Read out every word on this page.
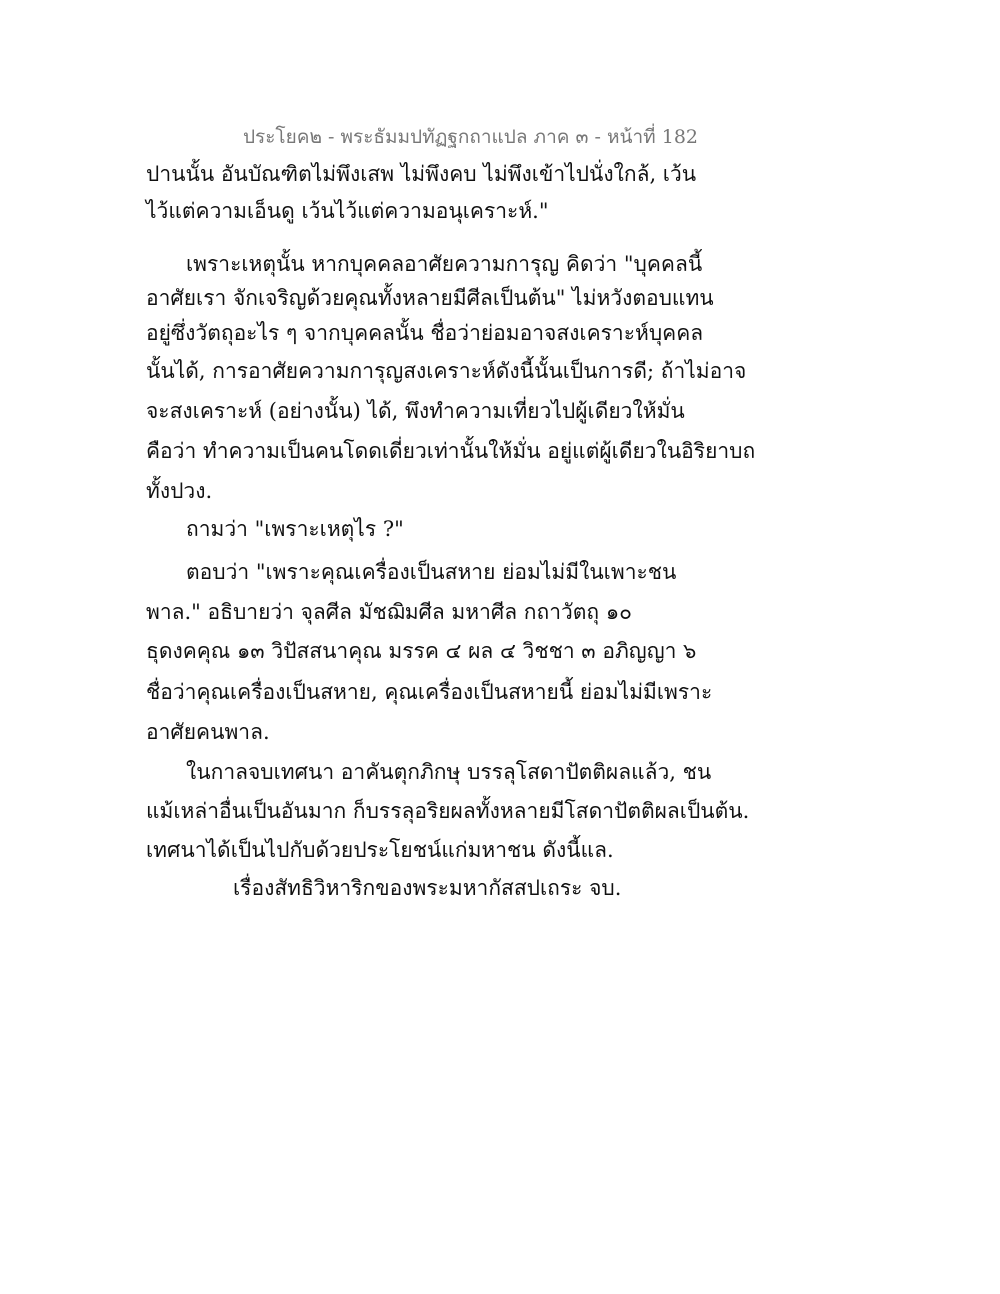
ประโยค๒ - พระธัมมปทัฏฐกถาแปล ภาค ๓ - หน้าที่ 182
ปานนั้น อันบัณฑิตไม่พึงเสพ ไม่พึงคบ ไม่พึงเข้าไปนั่งใกล้, เว้น
ไว้แต่ความเอ็นดู เว้นไว้แต่ความอนุเคราะห์."
เพราะเหตุนั้น หากบุคคลอาศัยความการุญ คิดว่า "บุคคลนี้
อาศัยเรา จักเจริญด้วยคุณทั้งหลายมีศีลเป็นต้น" ไม่หวังตอบแทน
อยู่ซึ่งวัตถุอะไร ๆ จากบุคคลนั้น ชื่อว่าย่อมอาจสงเคราะห์บุคคล
นั้นได้, การอาศัยความการุญสงเคราะห์ดังนี้นั้นเป็นการดี; ถ้าไม่อาจ
จะสงเคราะห์ (อย่างนั้น) ได้, พึงทำความเที่ยวไปผู้เดียวให้มั่น
คือว่า ทำความเป็นคนโดดเดี่ยวเท่านั้นให้มั่น อยู่แต่ผู้เดียวในอิริยาบถ
ทั้งปวง.
ถามว่า "เพราะเหตุไร ?"
ตอบว่า "เพราะคุณเครื่องเป็นสหาย ย่อมไม่มีในเพาะชน
พาล." อธิบายว่า จุลศีล มัชฌิมศีล มหาศีล กถาวัตถุ ๑๐
ธุดงคคุณ ๑๓ วิปัสสนาคุณ มรรค ๔ ผล ๔ วิชชา ๓ อภิญญา ๖
ชื่อว่าคุณเครื่องเป็นสหาย, คุณเครื่องเป็นสหายนี้ ย่อมไม่มีเพราะ
อาศัยคนพาล.
ในกาลจบเทศนา อาคันตุกภิกษุ บรรลุโสดาปัตติผลแล้ว, ชน
แม้เหล่าอื่นเป็นอันมาก ก็บรรลุอริยผลทั้งหลายมีโสดาปัตติผลเป็นต้น.
เทศนาได้เป็นไปกับด้วยประโยชน์แก่มหาชน ดังนี้แล.
เรื่องสัทธิวิหาริกของพระมหากัสสปเถระ จบ.
